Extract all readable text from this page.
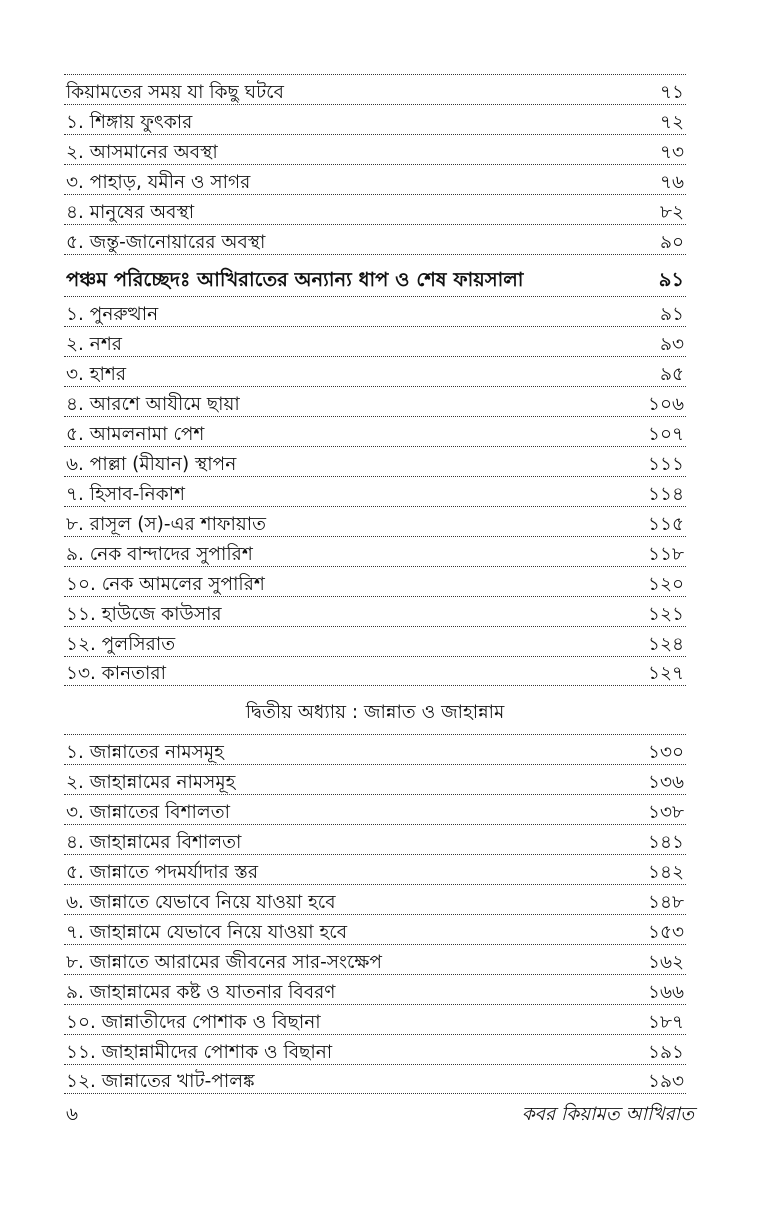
কিয়ামতের সময় যা কিছু ঘটবে	৭১
১. শিঙ্গায় ফুৎকার	৭২
২. আসমানের অবস্থা	৭৩
৩. পাহাড়, যমীন ও সাগর	৭৬
৪. মানুষের অবস্থা	৮২
৫. জন্তু-জানোয়ারের অবস্থা	৯০
পঞ্চম পরিচ্ছেদঃ আখিরাতের অন্যান্য ধাপ ও শেষ ফায়সালা	৯১
১. পুনরুত্থান	৯১
২. নশর	৯৩
৩. হাশর	৯৫
৪. আরশে আযীমে ছায়া	১০৬
৫. আমলনামা পেশ	১০৭
৬. পাল্লা (মীযান) স্থাপন	১১১
৭. হিসাব-নিকাশ	১১৪
৮. রাসূল (স)-এর শাফায়াত	১১৫
৯. নেক বান্দাদের সুপারিশ	১১৮
১০. নেক আমলের সুপারিশ	১২০
১১. হাউজে কাউসার	১২১
১২. পুলসিরাত	১২৪
১৩. কানতারা	১২৭
দ্বিতীয় অধ্যায় : জান্নাত ও জাহান্নাম
১. জান্নাতের নামসমূহ	১৩০
২. জাহান্নামের নামসমূহ	১৩৬
৩. জান্নাতের বিশালতা	১৩৮
৪. জাহান্নামের বিশালতা	১৪১
৫. জান্নাতে পদমর্যাদার স্তর	১৪২
৬. জান্নাতে যেভাবে নিয়ে যাওয়া হবে	১৪৮
৭. জাহান্নামে যেভাবে নিয়ে যাওয়া হবে	১৫৩
৮. জান্নাতে আরামের জীবনের সার-সংক্ষেপ	১৬২
৯. জাহান্নামের কষ্ট ও যাতনার বিবরণ	১৬৬
১০. জান্নাতীদের পোশাক ও বিছানা	১৮৭
১১. জাহান্নামীদের পোশাক ও বিছানা	১৯১
১২. জান্নাতের খাট-পালঙ্ক	১৯৩
৬	কবর কিয়ামত আখিরাত
